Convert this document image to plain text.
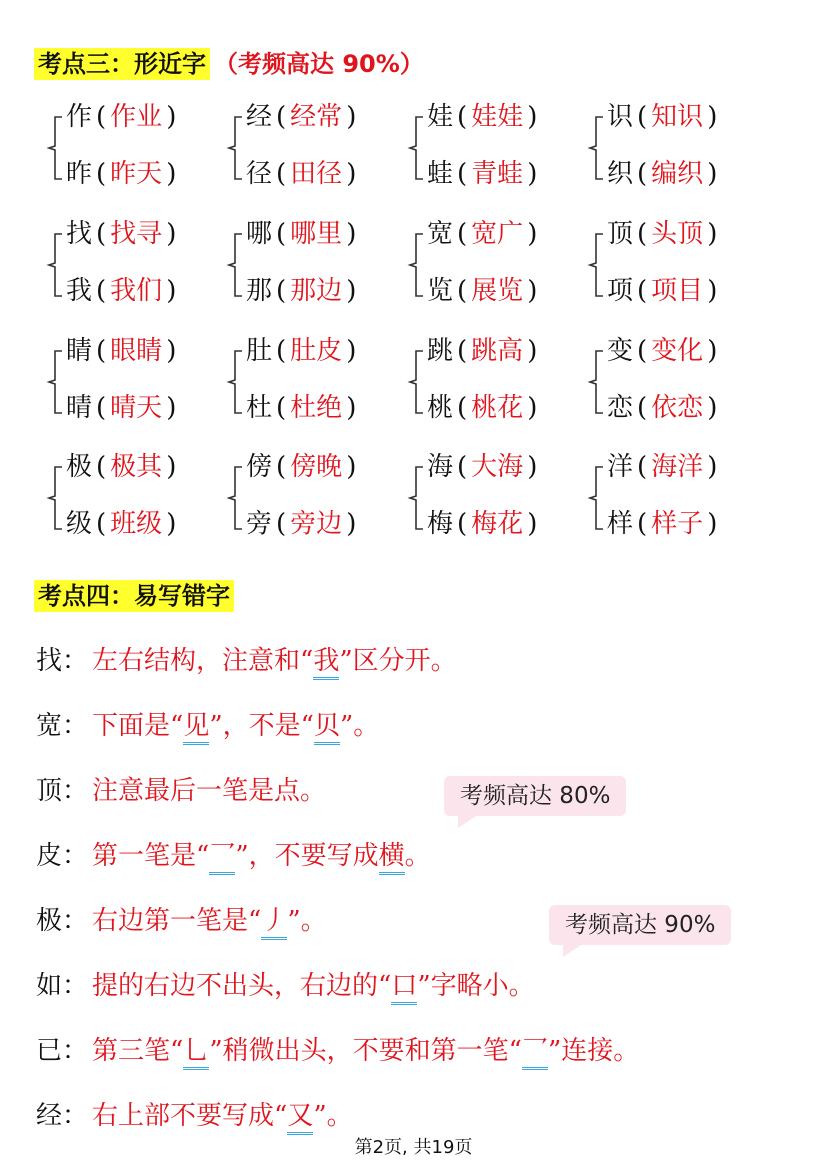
考点三：形近字 （考频高达 90%）
作 ( 作业 )
昨 ( 昨天 )
经 ( 经常 )
径 ( 田径 )
娃 ( 娃娃 )
蛙 ( 青蛙 )
识 ( 知识 )
织 ( 编织 )
找 ( 找寻 )
我 ( 我们 )
哪 ( 哪里 )
那 ( 那边 )
宽 ( 宽广 )
览 ( 展览 )
顶 ( 头顶 )
项 ( 项目 )
睛 ( 眼睛 )
晴 ( 晴天 )
肚 ( 肚皮 )
杜 ( 杜绝 )
跳 ( 跳高 )
桃 ( 桃花 )
变 ( 变化 )
恋 ( 依恋 )
极 ( 极其 )
级 ( 班级 )
傍 ( 傍晚 )
旁 ( 旁边 )
海 ( 大海 )
梅 ( 梅花 )
洋 ( 海洋 )
样 ( 样子 )
考点四：易写错字
找： 左右结构，注意和“我”区分开。
宽： 下面是“见”，不是“贝”。
顶： 注意最后一笔是点。
皮： 第一笔是“乛”，不要写成横。
极： 右边第一笔是“丿”。
如： 提的右边不出头，右边的“口”字略小。
已： 第三笔“乚”稍微出头，不要和第一笔“乛”连接。
经： 右上部不要写成“又”。
考频高达 80%
考频高达 90%
第2页, 共19页
